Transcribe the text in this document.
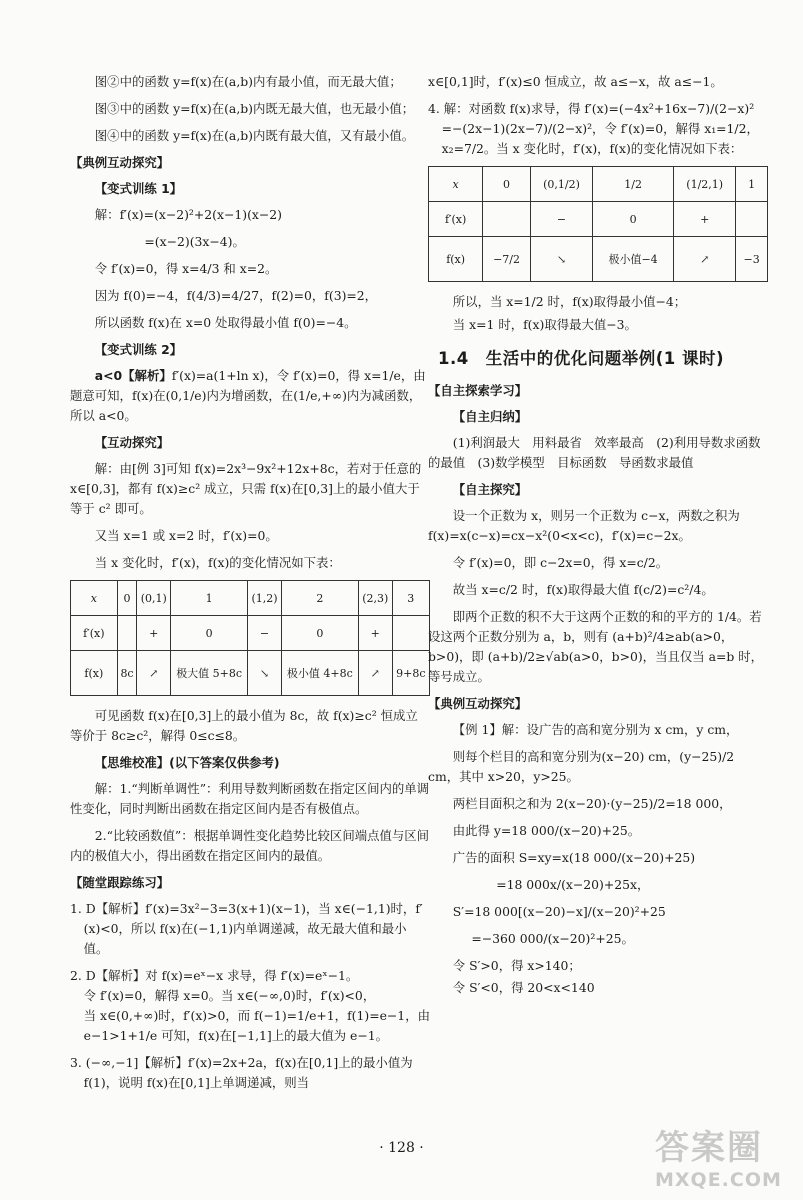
图②中的函数 y=f(x)在(a,b)内有最小值，而无最大值；

图③中的函数 y=f(x)在(a,b)内既无最大值，也无最小值；

图④中的函数 y=f(x)在(a,b)内既有最大值，又有最小值。

【典例互动探究】
【变式训练 1】

解：f′(x)=(x−2)²+2(x−1)(x−2)

=(x−2)(3x−4)。

令 f′(x)=0，得 x=4/3 和 x=2。

因为 f(0)=−4，f(4/3)=4/27，f(2)=0，f(3)=2，

所以函数 f(x)在 x=0 处取得最小值 f(0)=−4。

【变式训练 2】

a<0【解析】f′(x)=a(1+ln x)，令 f′(x)=0，得 x=1/e，由题意可知，f(x)在(0,1/e)内为增函数，在(1/e,+∞)内为减函数，所以 a<0。

【互动探究】

解：由[例 3]可知 f(x)=2x³−9x²+12x+8c，若对于任意的 x∈[0,3]，都有 f(x)≥c² 成立，只需 f(x)在[0,3]上的最小值大于等于 c² 即可。

又当 x=1 或 x=2 时，f′(x)=0。

当 x 变化时，f′(x)，f(x)的变化情况如下表：

x	0	(0,1)	1	(1,2)	2	(2,3)	3
f′(x)		+	0	−	0	+	
f(x)	8c	↗	极大值 5+8c	↘	极小值 4+8c	↗	9+8c

可见函数 f(x)在[0,3]上的最小值为 8c，故 f(x)≥c² 恒成立等价于 8c≥c²，解得 0≤c≤8。

【思维校准】(以下答案仅供参考)

解：1.“判断单调性”：利用导数判断函数在指定区间内的单调性变化，同时判断出函数在指定区间内是否有极值点。

2.“比较函数值”：根据单调性变化趋势比较区间端点值与区间内的极值大小，得出函数在指定区间内的最值。

【随堂跟踪练习】

1. D【解析】f′(x)=3x²−3=3(x+1)(x−1)，当 x∈(−1,1)时，f′(x)<0，所以 f(x)在(−1,1)内单调递减，故无最大值和最小值。

2. D【解析】对 f(x)=eˣ−x 求导，得 f′(x)=eˣ−1。

令 f′(x)=0，解得 x=0。当 x∈(−∞,0)时，f′(x)<0，

当 x∈(0,+∞)时，f′(x)>0，而 f(−1)=1/e+1，f(1)=e−1，由 e−1>1+1/e 可知，f(x)在[−1,1]上的最大值为 e−1。

3. (−∞,−1]【解析】f′(x)=2x+2a，f(x)在[0,1]上的最小值为 f(1)，说明 f(x)在[0,1]上单调递减，则当

x∈[0,1]时，f′(x)≤0 恒成立，故 a≤−x，故 a≤−1。

4. 解：对函数 f(x)求导，得 f′(x)=(−4x²+16x−7)/(2−x)² =−(2x−1)(2x−7)/(2−x)²，令 f′(x)=0，解得 x₁=1/2，x₂=7/2。当 x 变化时，f′(x)，f(x)的变化情况如下表：

x	0	(0,1/2)	1/2	(1/2,1)	1
f′(x)		−	0	+	
f(x)	−7/2	↘	极小值−4	↗	−3

所以，当 x=1/2 时，f(x)取得最小值−4；

当 x=1 时，f(x)取得最大值−3。

1.4　生活中的优化问题举例(1 课时)
【自主探索学习】
【自主归纳】

(1)利润最大　用料最省　效率最高　(2)利用导数求函数的最值　(3)数学模型　目标函数　导函数求最值

【自主探究】

设一个正数为 x，则另一个正数为 c−x，两数之积为 f(x)=x(c−x)=cx−x²(0<x<c)，f′(x)=c−2x。

令 f′(x)=0，即 c−2x=0，得 x=c/2。

故当 x=c/2 时，f(x)取得最大值 f(c/2)=c²/4。

即两个正数的积不大于这两个正数的和的平方的 1/4。若设这两个正数分别为 a，b，则有 (a+b)²/4≥ab(a>0，b>0)，即 (a+b)/2≥√ab(a>0，b>0)，当且仅当 a=b 时，等号成立。

【典例互动探究】

【例 1】解：设广告的高和宽分别为 x cm，y cm，

则每个栏目的高和宽分别为(x−20) cm，(y−25)/2 cm，其中 x>20，y>25。

两栏目面积之和为 2(x−20)·(y−25)/2=18 000，

由此得 y=18 000/(x−20)+25。

广告的面积 S=xy=x(18 000/(x−20)+25)

=18 000x/(x−20)+25x，

S′=18 000[(x−20)−x]/(x−20)²+25

=−360 000/(x−20)²+25。

令 S′>0，得 x>140；

令 S′<0，得 20<x<140

· 128 ·	答案圈
MXQE.COM
